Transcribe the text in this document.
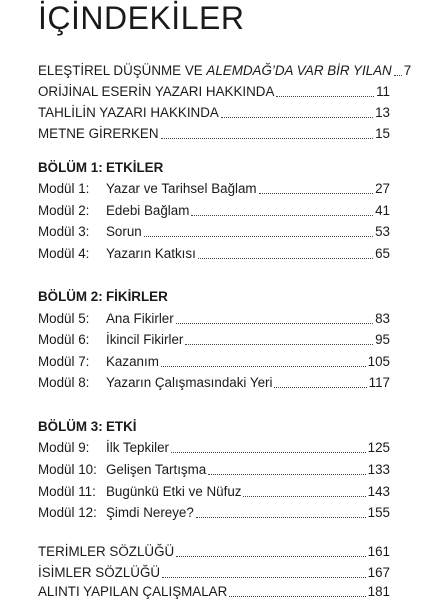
İÇİNDEKİLER
ELEŞTİREL DÜŞÜNME VE ALEMDAĞ’DA VAR BİR YILAN 7
ORİJİNAL ESERİN YAZARI HAKKINDA	11
TAHLİLİN YAZARI HAKKINDA	13
METNE GİRERKEN	15
BÖLÜM 1: ETKİLER
Modül 1:	Yazar ve Tarihsel Bağlam	27
Modül 2:	Edebi Bağlam	41
Modül 3:	Sorun	53
Modül 4:	Yazarın Katkısı	65
BÖLÜM 2: FİKİRLER
Modül 5:	Ana Fikirler	83
Modül 6:	İkincil Fikirler	95
Modül 7:	Kazanım	105
Modül 8:	Yazarın Çalışmasındaki Yeri	117
BÖLÜM 3: ETKİ
Modül 9:	İlk Tepkiler	125
Modül 10: Gelişen Tartışma	133
Modül 11: Bugünkü Etki ve Nüfuz	143
Modül 12: Şimdi Nereye?	155
TERİMLER SÖZLÜĞÜ	161
İSİMLER SÖZLÜĞÜ	167
ALINTI YAPILAN ÇALIŞMALAR	181
